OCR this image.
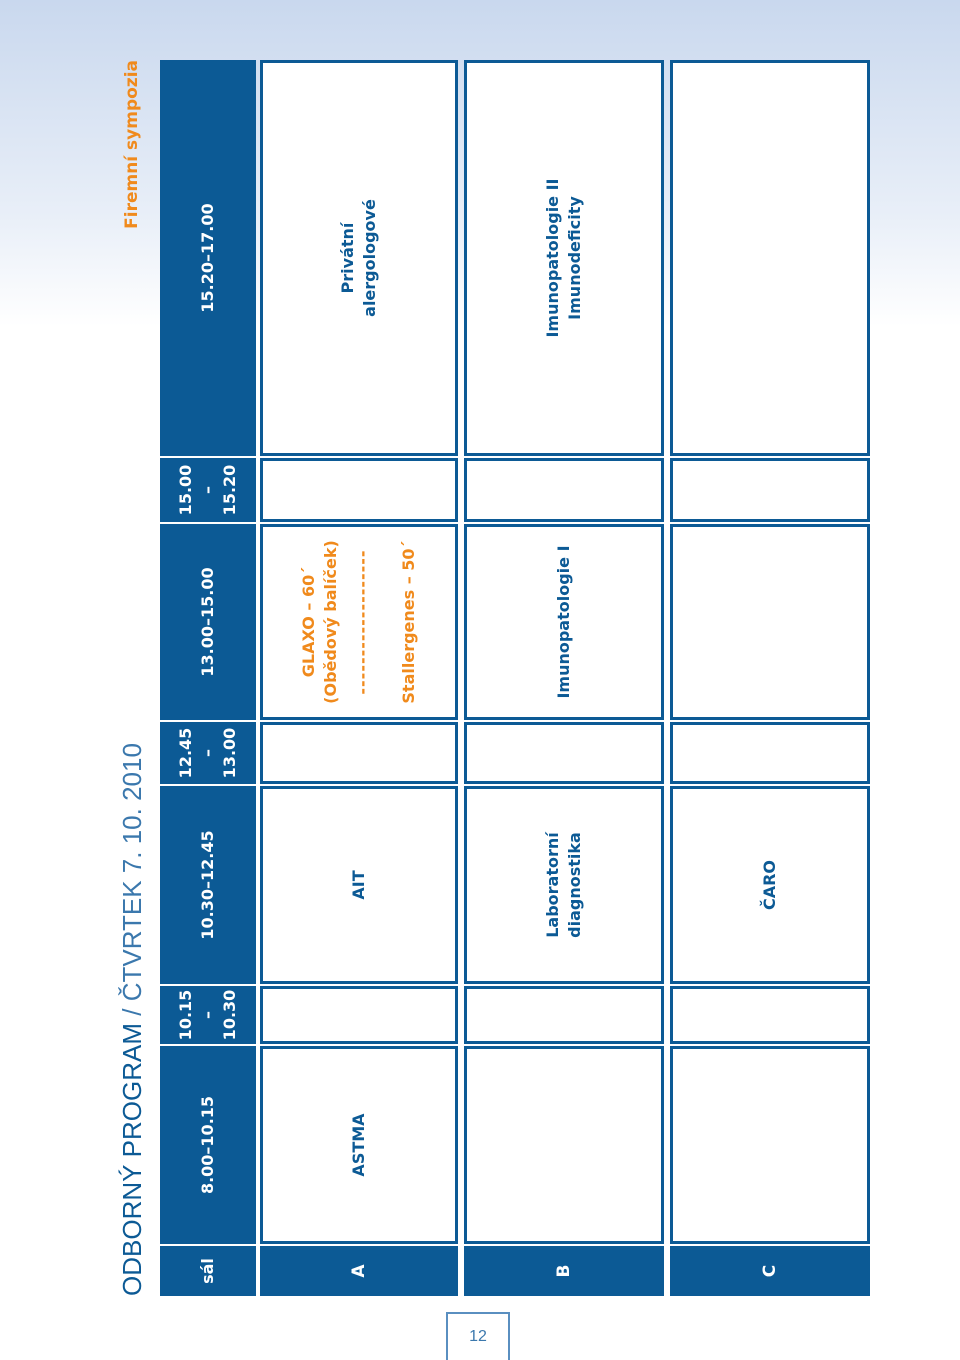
ODBORNÝ PROGRAM / ČTVRTEK 7. 10. 2010
Firemní sympozia
sál
8.00–10.15
10.15 – 10.30
10.30–12.45
12.45 – 13.00
13.00–15.00
15.00 – 15.20
15.20–17.00
A
ASTMA
AIT
GLAXO – 60´ (Obědový balíček) ------------------- Stallergenes – 50´
Privátní alergologové
B
Laboratorní diagnostika
Imunopatologie I
Imunopatologie II Imunodeficity
C
ČARO
12
